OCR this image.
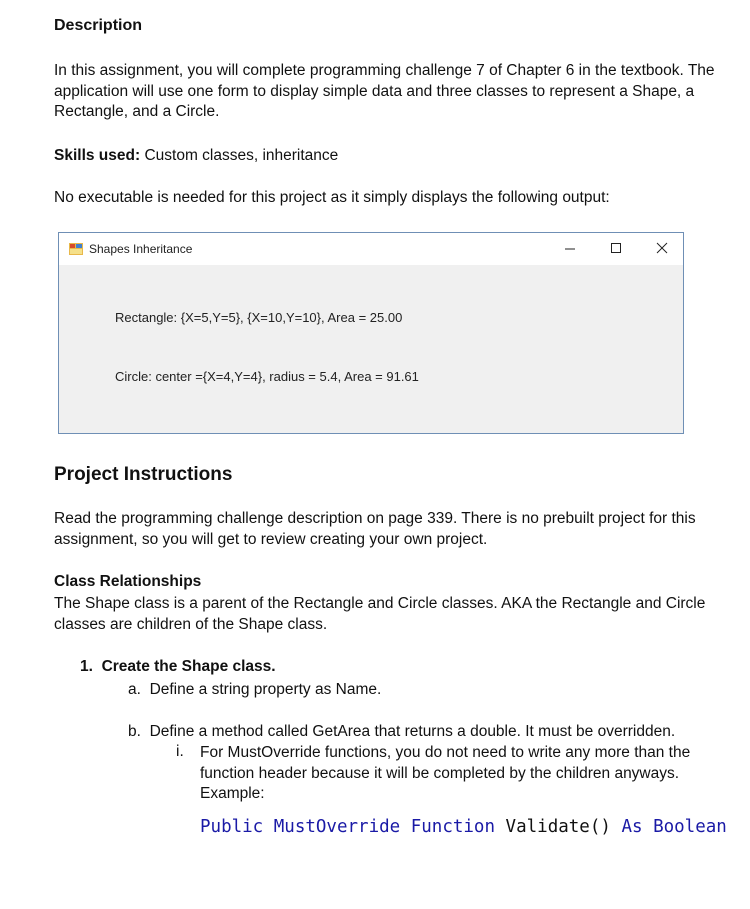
Description
In this assignment, you will complete programming challenge 7 of Chapter 6 in the textbook. The application will use one form to display simple data and three classes to represent a Shape, a Rectangle, and a Circle.
Skills used: Custom classes, inheritance
No executable is needed for this project as it simply displays the following output:
Shapes Inheritance
Rectangle: {X=5,Y=5}, {X=10,Y=10}, Area = 25.00
Circle: center ={X=4,Y=4}, radius = 5.4, Area = 91.61
Project Instructions
Read the programming challenge description on page 339. There is no prebuilt project for this assignment, so you will get to review creating your own project.
Class Relationships
The Shape class is a parent of the Rectangle and Circle classes. AKA the Rectangle and Circle classes are children of the Shape class.
1. Create the Shape class.
a. Define a string property as Name.
b. Define a method called GetArea that returns a double. It must be overridden.
i. For MustOverride functions, you do not need to write any more than the function header because it will be completed by the children anyways. Example:
Public MustOverride Function Validate() As Boolean
